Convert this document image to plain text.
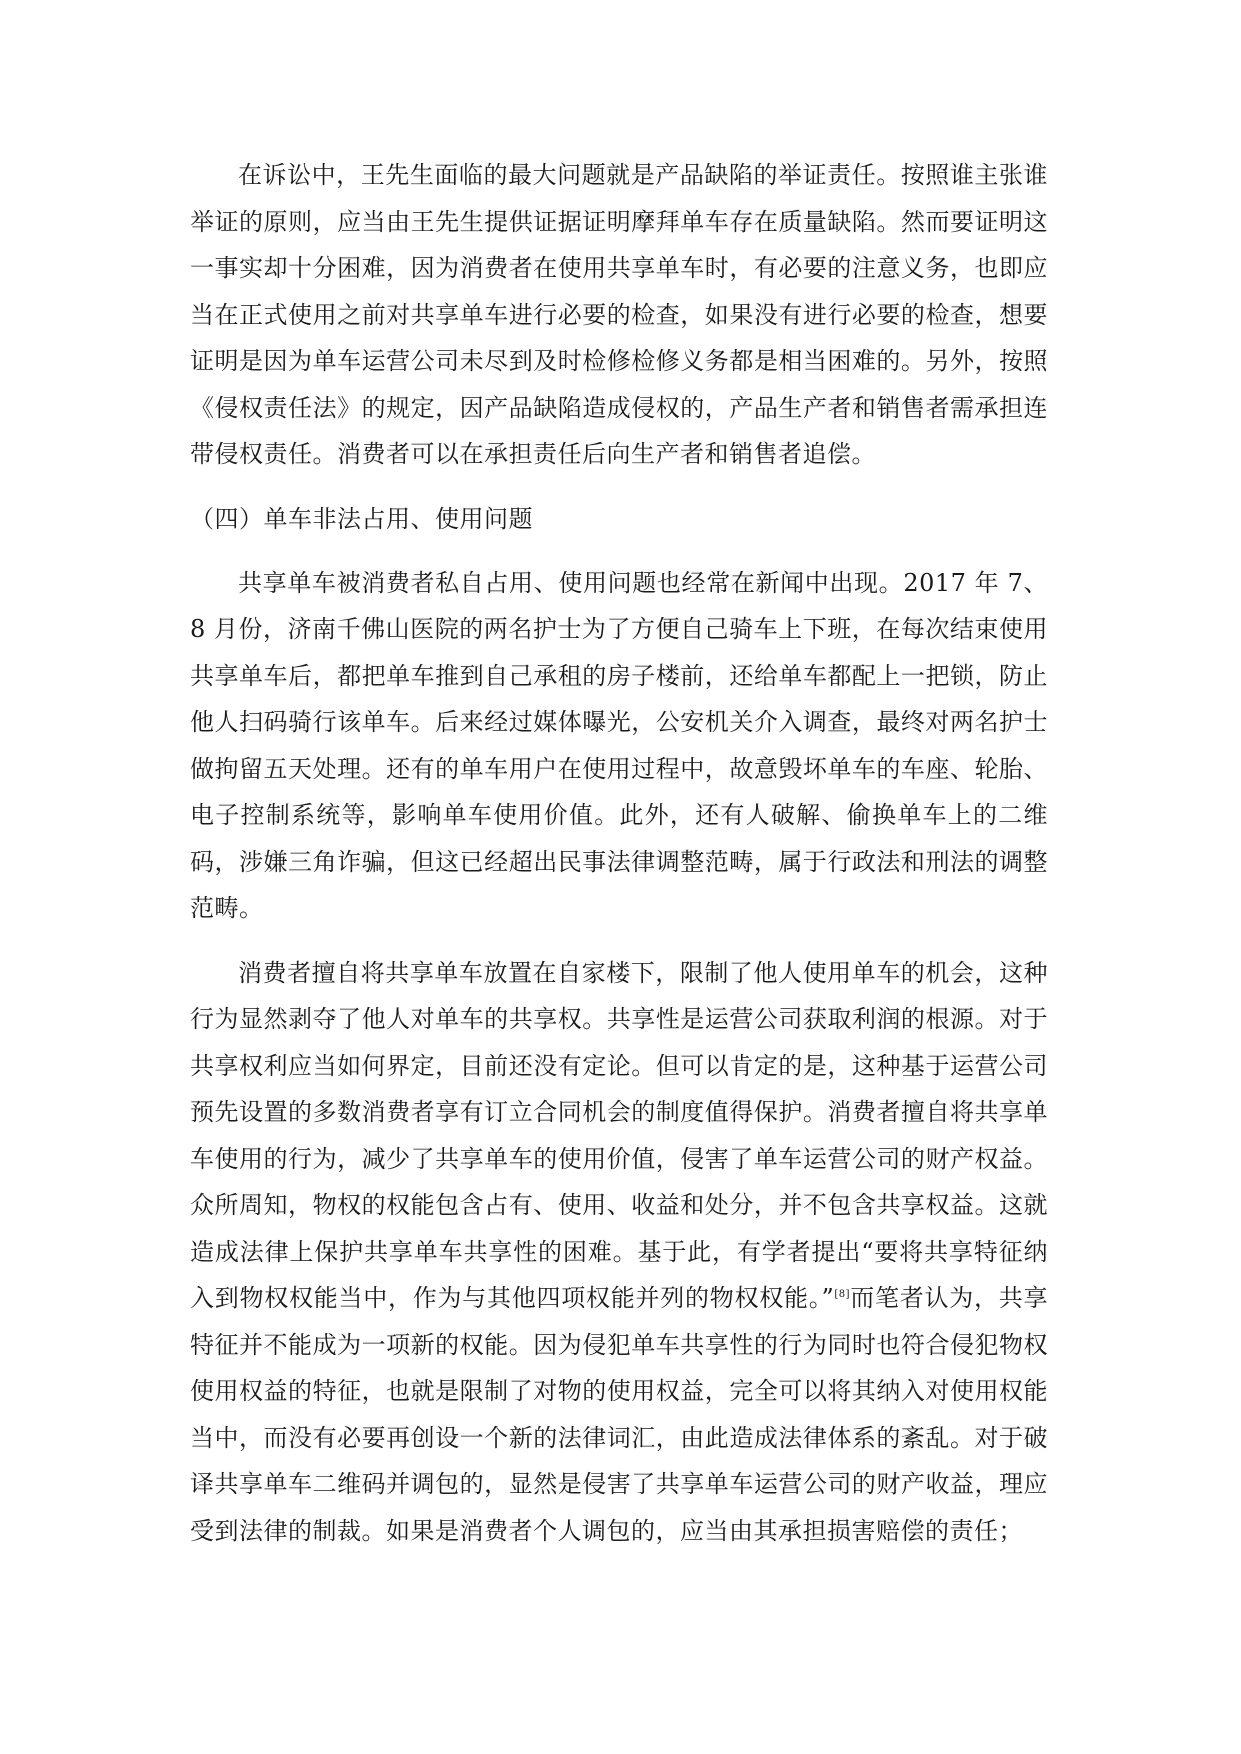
在诉讼中，王先生面临的最大问题就是产品缺陷的举证责任。按照谁主张谁举证的原则，应当由王先生提供证据证明摩拜单车存在质量缺陷。然而要证明这一事实却十分困难，因为消费者在使用共享单车时，有必要的注意义务，也即应当在正式使用之前对共享单车进行必要的检查，如果没有进行必要的检查，想要证明是因为单车运营公司未尽到及时检修检修义务都是相当困难的。另外，按照《侵权责任法》的规定，因产品缺陷造成侵权的，产品生产者和销售者需承担连带侵权责任。消费者可以在承担责任后向生产者和销售者追偿。

（四）单车非法占用、使用问题

共享单车被消费者私自占用、使用问题也经常在新闻中出现。2017 年 7、8 月份，济南千佛山医院的两名护士为了方便自己骑车上下班，在每次结束使用共享单车后，都把单车推到自己承租的房子楼前，还给单车都配上一把锁，防止他人扫码骑行该单车。后来经过媒体曝光，公安机关介入调查，最终对两名护士做拘留五天处理。还有的单车用户在使用过程中，故意毁坏单车的车座、轮胎、电子控制系统等，影响单车使用价值。此外，还有人破解、偷换单车上的二维码，涉嫌三角诈骗，但这已经超出民事法律调整范畴，属于行政法和刑法的调整范畴。

消费者擅自将共享单车放置在自家楼下，限制了他人使用单车的机会，这种行为显然剥夺了他人对单车的共享权。共享性是运营公司获取利润的根源。对于共享权利应当如何界定，目前还没有定论。但可以肯定的是，这种基于运营公司预先设置的多数消费者享有订立合同机会的制度值得保护。消费者擅自将共享单车使用的行为，减少了共享单车的使用价值，侵害了单车运营公司的财产权益。众所周知，物权的权能包含占有、使用、收益和处分，并不包含共享权益。这就造成法律上保护共享单车共享性的困难。基于此，有学者提出“要将共享特征纳入到物权权能当中，作为与其他四项权能并列的物权权能。”[8]而笔者认为，共享特征并不能成为一项新的权能。因为侵犯单车共享性的行为同时也符合侵犯物权使用权益的特征，也就是限制了对物的使用权益，完全可以将其纳入对使用权能当中，而没有必要再创设一个新的法律词汇，由此造成法律体系的紊乱。对于破译共享单车二维码并调包的，显然是侵害了共享单车运营公司的财产收益，理应受到法律的制裁。如果是消费者个人调包的，应当由其承担损害赔偿的责任；
